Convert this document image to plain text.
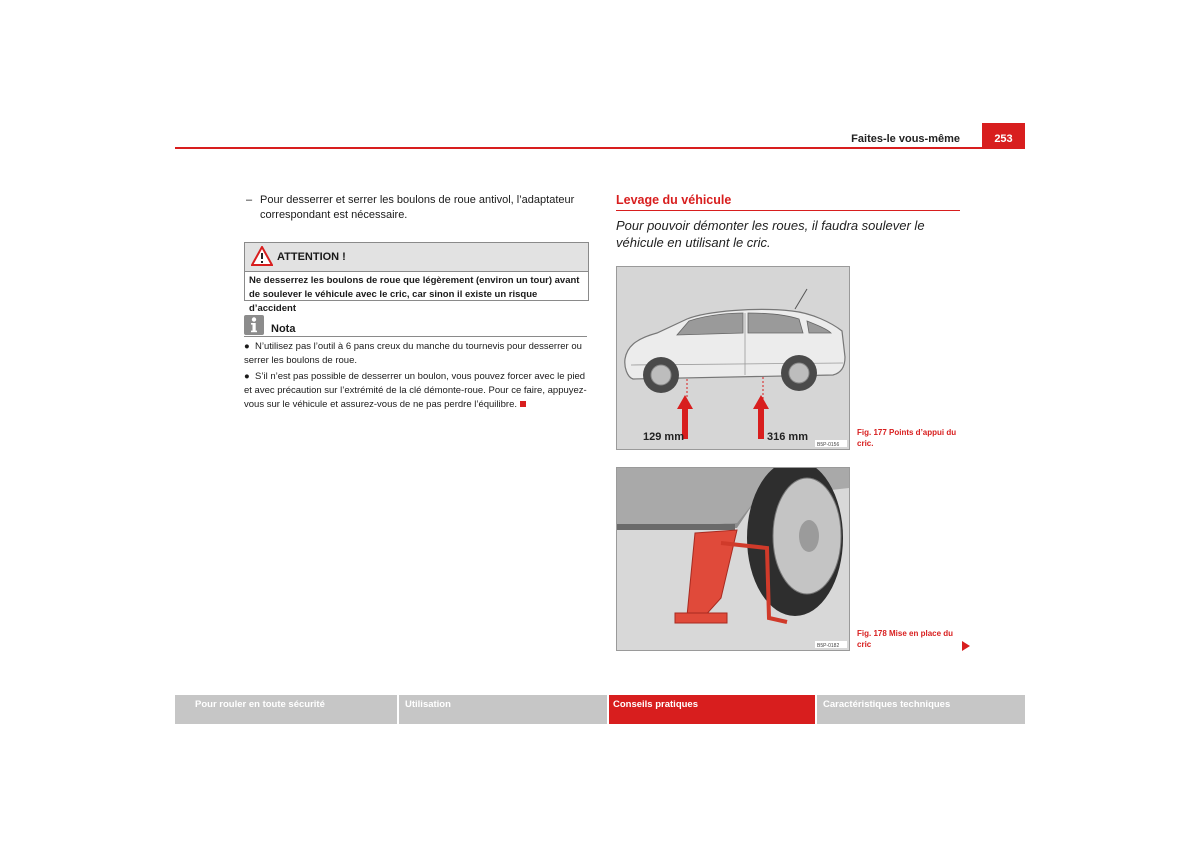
Faites-le vous-même	253
– Pour desserrer et serrer les boulons de roue antivol, l’adaptateur correspondant est nécessaire.
ATTENTION !
Ne desserrez les boulons de roue que légèrement (environ un tour) avant de soulever le véhicule avec le cric, car sinon il existe un risque d’accident
Nota

●  N’utilisez pas l’outil à 6 pans creux du manche du tournevis pour desserrer ou serrer les boulons de roue.

●  S’il n’est pas possible de desserrer un boulon, vous pouvez forcer avec le pied et avec précaution sur l’extrémité de la clé démonte-roue. Pour ce faire, appuyez-vous sur le véhicule et assurez-vous de ne pas perdre l’équilibre.

Levage du véhicule
Pour pouvoir démonter les roues, il faudra soulever le véhicule en utilisant le cric.
129 mm	316 mm
B5P-0156
Fig. 177 Points d’appui du cric.
B5P-0182
Fig. 178 Mise en place du cric
Pour rouler en toute sécurité	Utilisation	Conseils pratiques	Caractéristiques techniques
